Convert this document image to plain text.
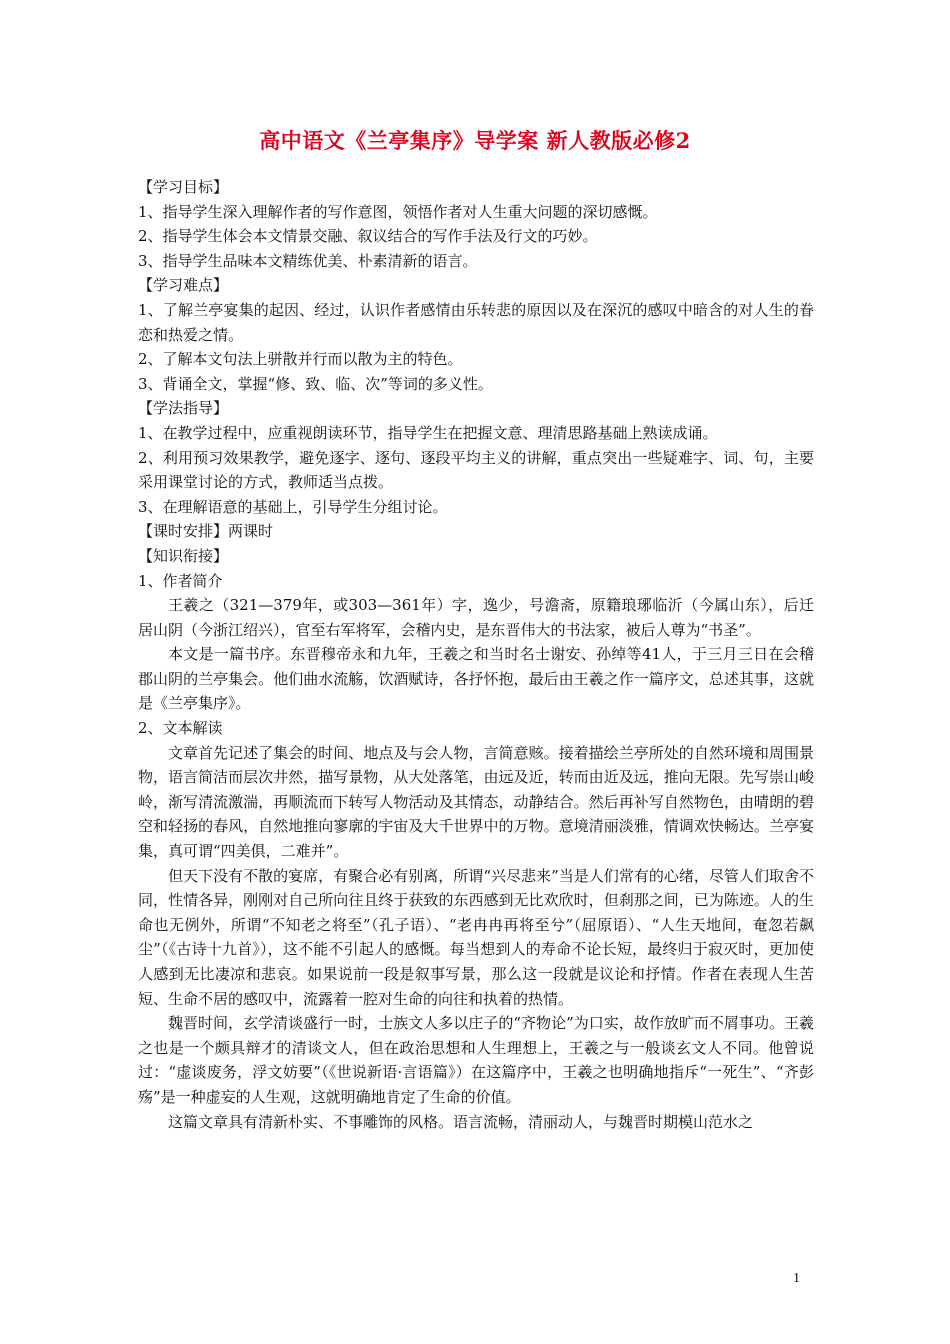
高中语文《兰亭集序》导学案 新人教版必修2

【学习目标】

1、指导学生深入理解作者的写作意图，领悟作者对人生重大问题的深切感慨。

2、指导学生体会本文情景交融、叙议结合的写作手法及行文的巧妙。

3、指导学生品味本文精练优美、朴素清新的语言。

【学习难点】

1、了解兰亭宴集的起因、经过，认识作者感情由乐转悲的原因以及在深沉的感叹中暗含的对人生的眷恋和热爱之情。

2、了解本文句法上骈散并行而以散为主的特色。

3、背诵全文，掌握“修、致、临、次”等词的多义性。

【学法指导】

1、在教学过程中，应重视朗读环节，指导学生在把握文意、理清思路基础上熟读成诵。

2、利用预习效果教学，避免逐字、逐句、逐段平均主义的讲解，重点突出一些疑难字、词、句，主要采用课堂讨论的方式，教师适当点拨。

3、在理解语意的基础上，引导学生分组讨论。

【课时安排】两课时

【知识衔接】

1、作者简介

王羲之（321—379年，或303—361年）字，逸少，号澹斋，原籍琅琊临沂（今属山东），后迁居山阴（今浙江绍兴），官至右军将军，会稽内史，是东晋伟大的书法家，被后人尊为“书圣”。

本文是一篇书序。东晋穆帝永和九年，王羲之和当时名士谢安、孙绰等41人，于三月三日在会稽郡山阴的兰亭集会。他们曲水流觞，饮酒赋诗，各抒怀抱，最后由王羲之作一篇序文，总述其事，这就是《兰亭集序》。

2、文本解读

文章首先记述了集会的时间、地点及与会人物，言简意赅。接着描绘兰亭所处的自然环境和周围景物，语言简洁而层次井然，描写景物，从大处落笔，由远及近，转而由近及远，推向无限。先写崇山峻岭，渐写清流激湍，再顺流而下转写人物活动及其情态，动静结合。然后再补写自然物色，由晴朗的碧空和轻扬的春风，自然地推向寥廓的宇宙及大千世界中的万物。意境清丽淡雅，情调欢快畅达。兰亭宴集，真可谓“四美俱，二难并”。

但天下没有不散的宴席，有聚合必有别离，所谓“兴尽悲来”当是人们常有的心绪，尽管人们取舍不同，性情各异，刚刚对自己所向往且终于获致的东西感到无比欢欣时，但刹那之间，已为陈迹。人的生命也无例外，所谓“不知老之将至”（孔子语）、“老冉冉再将至兮”（屈原语）、“人生天地间，奄忽若飙尘”（《古诗十九首》），这不能不引起人的感慨。每当想到人的寿命不论长短，最终归于寂灭时，更加使人感到无比凄凉和悲哀。如果说前一段是叙事写景，那么这一段就是议论和抒情。作者在表现人生苦短、生命不居的感叹中，流露着一腔对生命的向往和执着的热情。

魏晋时间，玄学清谈盛行一时，士族文人多以庄子的“齐物论”为口实，故作放旷而不屑事功。王羲之也是一个颇具辩才的清谈文人，但在政治思想和人生理想上，王羲之与一般谈玄文人不同。他曾说过：“虚谈废务，浮文妨要”（《世说新语·言语篇》）在这篇序中，王羲之也明确地指斥“一死生”、“齐彭殇”是一种虚妄的人生观，这就明确地肯定了生命的价值。

这篇文章具有清新朴实、不事雕饰的风格。语言流畅，清丽动人，与魏晋时期模山范水之

1
